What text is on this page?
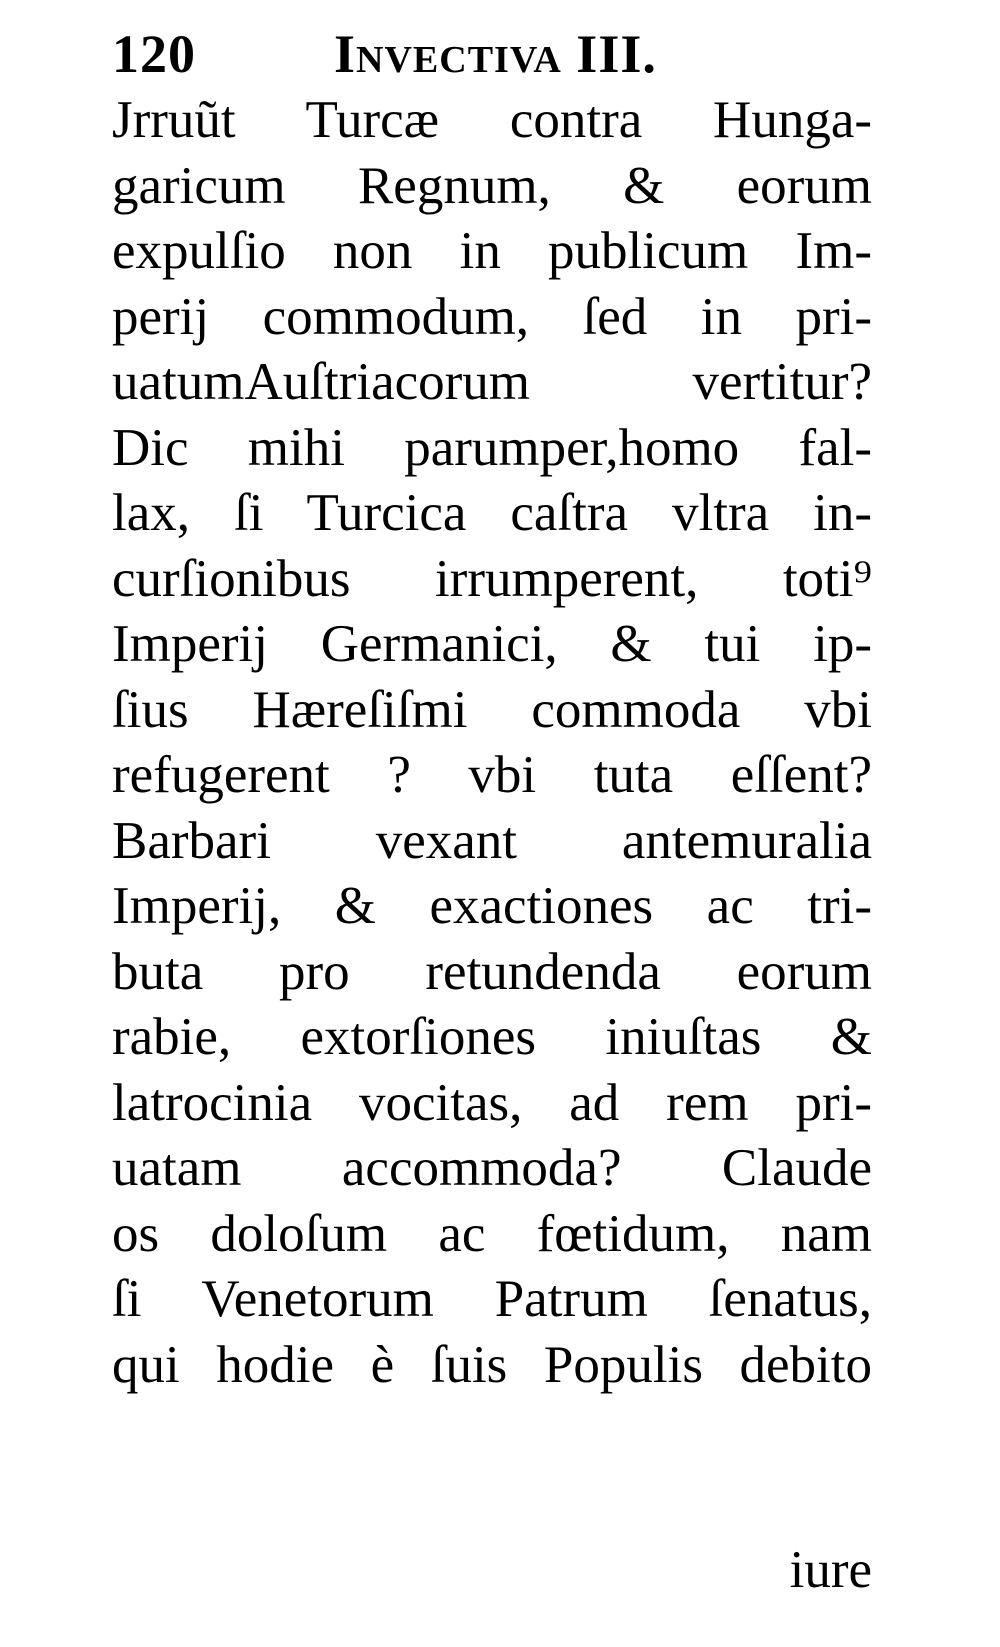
120	Invectiva III.
Jrruũt Turcæ contra Hunga-
garicum Regnum, & eorum
expulſio non in publicum Im-
perij commodum, ſed in pri-
uatumAuſtriacorum vertitur?
Dic mihi parumper,homo fal-
lax, ſi Turcica caſtra vltra in-
curſionibus irrumperent, toti⁹
Imperij Germanici, & tui ip-
ſius Hæreſiſmi commoda vbi
refugerent ? vbi tuta eſſent?
Barbari vexant antemuralia
Imperij, & exactiones ac tri-
buta pro retundenda eorum
rabie, extorſiones iniuſtas &
latrocinia vocitas, ad rem pri-
uatam accommoda? Claude
os doloſum ac fœtidum, nam
ſi Venetorum Patrum ſenatus,
qui hodie è ſuis Populis debito
iure
